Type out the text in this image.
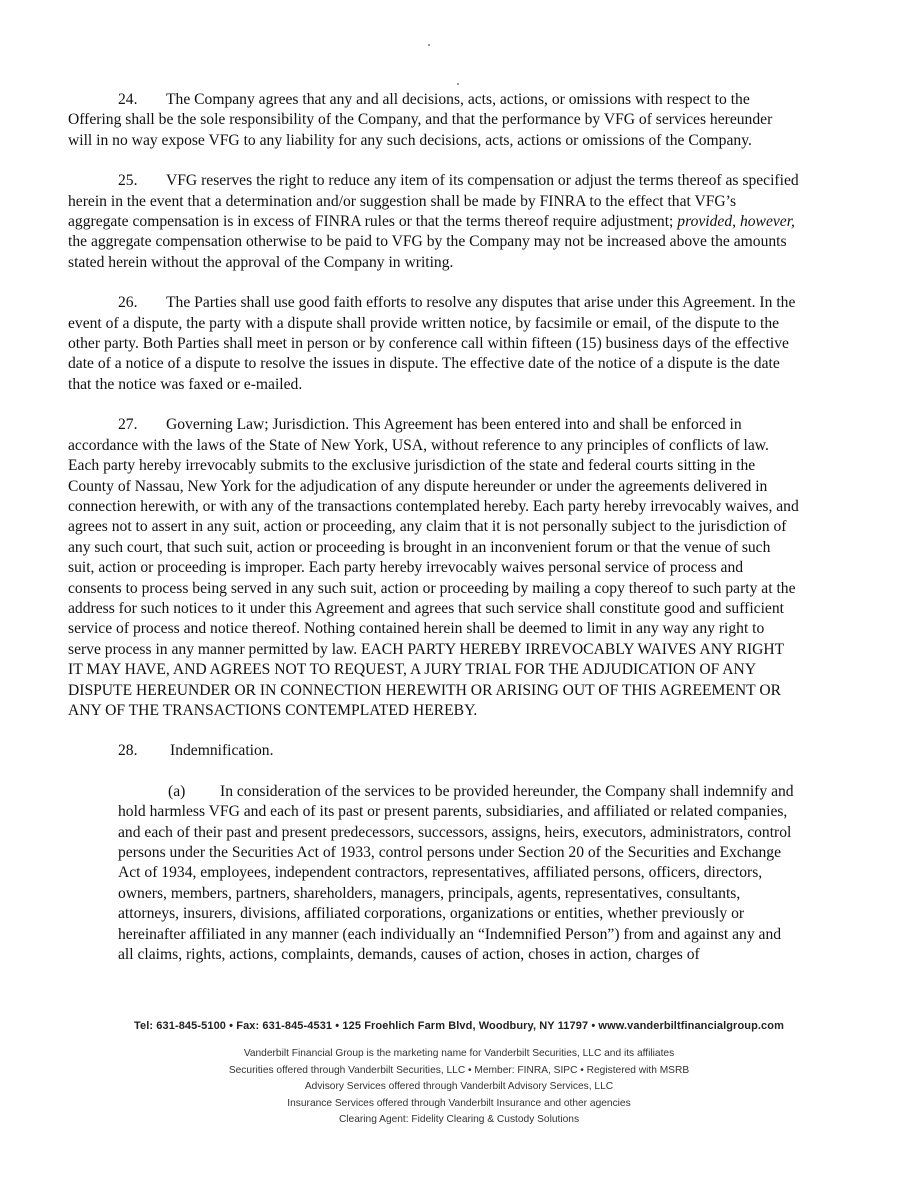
24. The Company agrees that any and all decisions, acts, actions, or omissions with respect to the Offering shall be the sole responsibility of the Company, and that the performance by VFG of services hereunder will in no way expose VFG to any liability for any such decisions, acts, actions or omissions of the Company.

25. VFG reserves the right to reduce any item of its compensation or adjust the terms thereof as specified herein in the event that a determination and/or suggestion shall be made by FINRA to the effect that VFG’s aggregate compensation is in excess of FINRA rules or that the terms thereof require adjustment; provided, however, the aggregate compensation otherwise to be paid to VFG by the Company may not be increased above the amounts stated herein without the approval of the Company in writing.

26. The Parties shall use good faith efforts to resolve any disputes that arise under this Agreement. In the event of a dispute, the party with a dispute shall provide written notice, by facsimile or email, of the dispute to the other party. Both Parties shall meet in person or by conference call within fifteen (15) business days of the effective date of a notice of a dispute to resolve the issues in dispute. The effective date of the notice of a dispute is the date that the notice was faxed or e-mailed.

27. Governing Law; Jurisdiction. This Agreement has been entered into and shall be enforced in accordance with the laws of the State of New York, USA, without reference to any principles of conflicts of law. Each party hereby irrevocably submits to the exclusive jurisdiction of the state and federal courts sitting in the County of Nassau, New York for the adjudication of any dispute hereunder or under the agreements delivered in connection herewith, or with any of the transactions contemplated hereby. Each party hereby irrevocably waives, and agrees not to assert in any suit, action or proceeding, any claim that it is not personally subject to the jurisdiction of any such court, that such suit, action or proceeding is brought in an inconvenient forum or that the venue of such suit, action or proceeding is improper. Each party hereby irrevocably waives personal service of process and consents to process being served in any such suit, action or proceeding by mailing a copy thereof to such party at the address for such notices to it under this Agreement and agrees that such service shall constitute good and sufficient service of process and notice thereof. Nothing contained herein shall be deemed to limit in any way any right to serve process in any manner permitted by law. EACH PARTY HEREBY IRREVOCABLY WAIVES ANY RIGHT IT MAY HAVE, AND AGREES NOT TO REQUEST, A JURY TRIAL FOR THE ADJUDICATION OF ANY DISPUTE HEREUNDER OR IN CONNECTION HEREWITH OR ARISING OUT OF THIS AGREEMENT OR ANY OF THE TRANSACTIONS CONTEMPLATED HEREBY.

28. Indemnification.

(a) In consideration of the services to be provided hereunder, the Company shall indemnify and hold harmless VFG and each of its past or present parents, subsidiaries, and affiliated or related companies, and each of their past and present predecessors, successors, assigns, heirs, executors, administrators, control persons under the Securities Act of 1933, control persons under Section 20 of the Securities and Exchange Act of 1934, employees, independent contractors, representatives, affiliated persons, officers, directors, owners, members, partners, shareholders, managers, principals, agents, representatives, consultants, attorneys, insurers, divisions, affiliated corporations, organizations or entities, whether previously or hereinafter affiliated in any manner (each individually an “Indemnified Person”) from and against any and all claims, rights, actions, complaints, demands, causes of action, choses in action, charges of

Tel: 631-845-5100 • Fax: 631-845-4531 • 125 Froehlich Farm Blvd, Woodbury, NY 11797 • www.vanderbiltfinancialgroup.com
Vanderbilt Financial Group is the marketing name for Vanderbilt Securities, LLC and its affiliates
Securities offered through Vanderbilt Securities, LLC • Member: FINRA, SIPC • Registered with MSRB
Advisory Services offered through Vanderbilt Advisory Services, LLC
Insurance Services offered through Vanderbilt Insurance and other agencies
Clearing Agent: Fidelity Clearing & Custody Solutions
